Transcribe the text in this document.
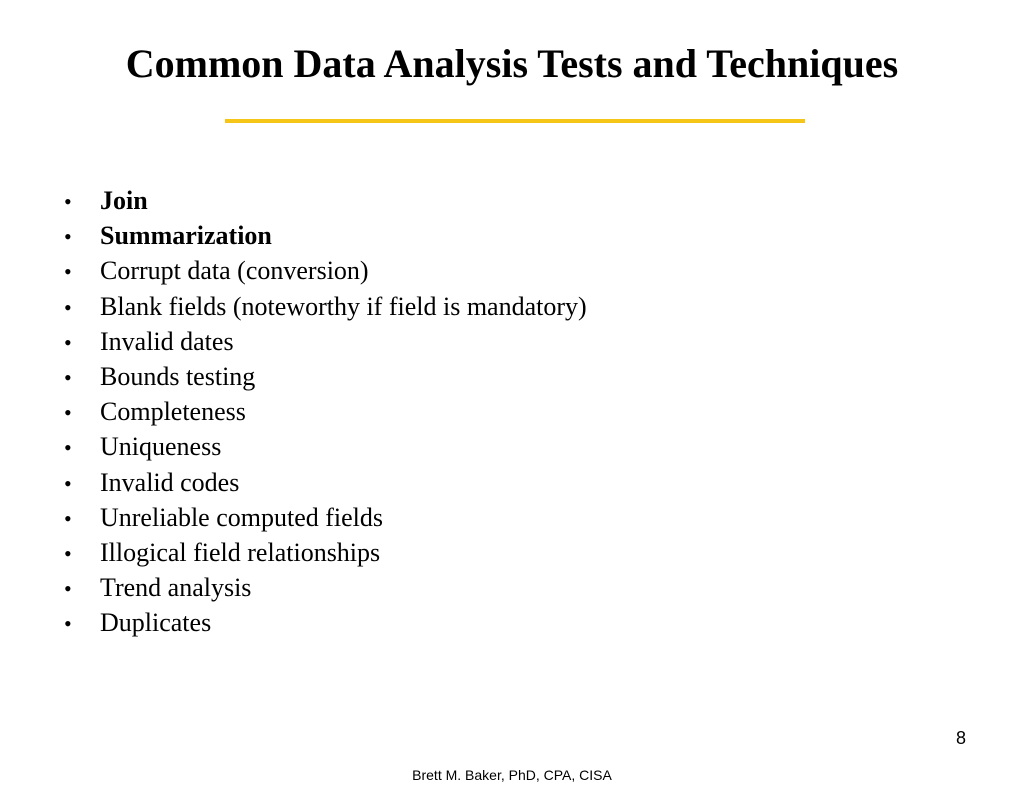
Common Data Analysis Tests and Techniques
•	Join
•	Summarization
•	Corrupt data (conversion)
•	Blank fields (noteworthy if field is mandatory)
•	Invalid dates
•	Bounds testing
•	Completeness
•	Uniqueness
•	Invalid codes
•	Unreliable computed fields
•	Illogical field relationships
•	Trend analysis
•	Duplicates
8
Brett M. Baker, PhD, CPA, CISA
